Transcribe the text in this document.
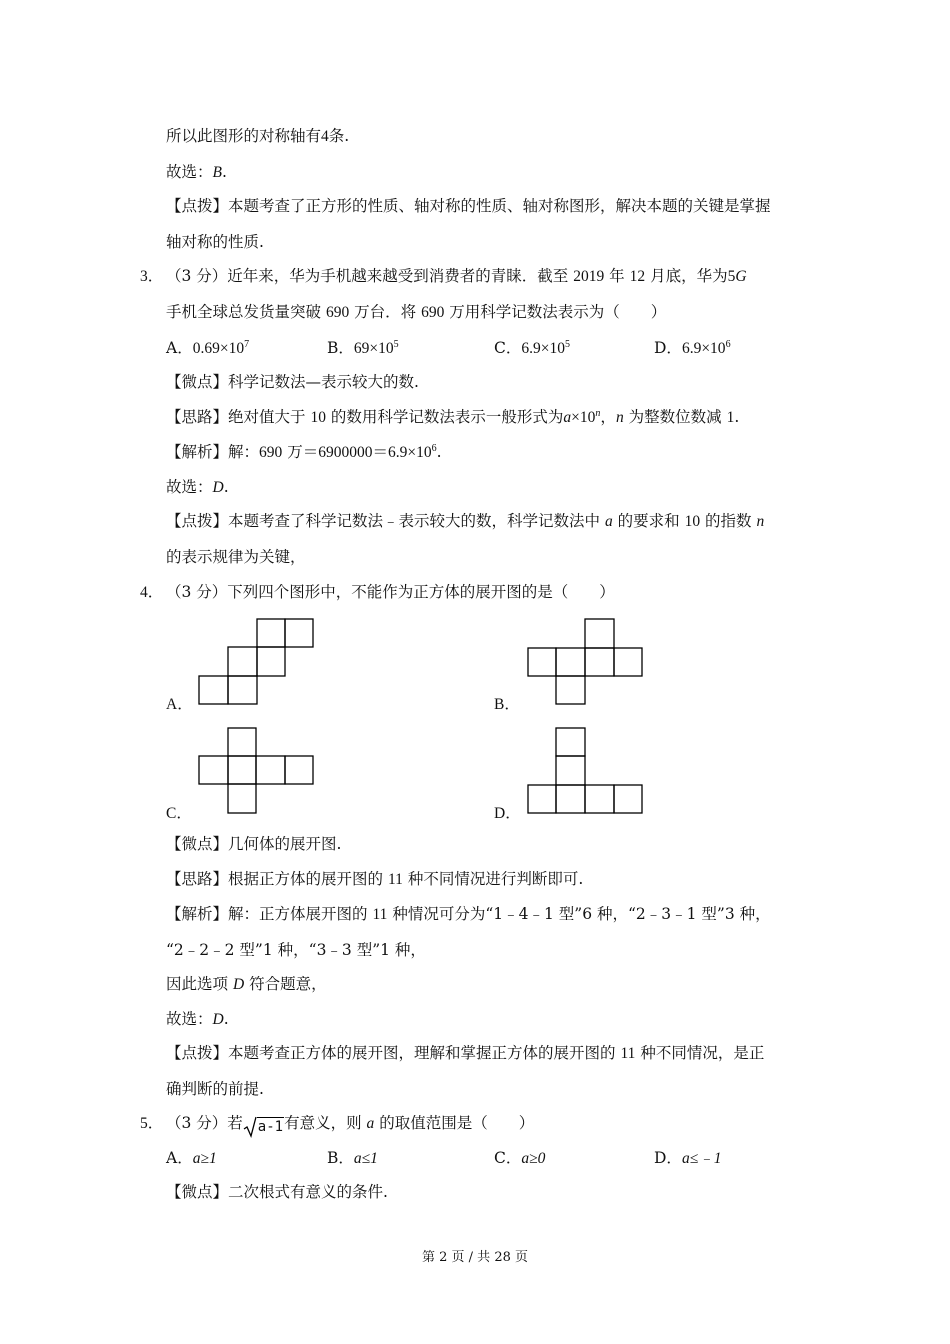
所以此图形的对称轴有4条.
故选：B.
【点拨】本题考查了正方形的性质、轴对称的性质、轴对称图形，解决本题的关键是掌握
轴对称的性质.
3． （3 分）近年来，华为手机越来越受到消费者的青睐．截至 2019 年 12 月底，华为5G
手机全球总发货量突破 690 万台．将 690 万用科学记数法表示为（　　）
A．$0.69\times 10^7$	B．$69\times 10^5$	C．$6.9\times 10^5$	D．$6.9\times 10^6$
【微点】科学记数法—表示较大的数.
【思路】绝对值大于 10 的数用科学记数法表示一般形式为$a\times 10^n$，n 为整数位数减 1.
【解析】解：690 万$=6900000=6.9\times 10^6$.
故选：D.
【点拨】本题考查了科学记数法﹣表示较大的数，科学记数法中 a 的要求和 10 的指数 n
的表示规律为关键，
4． （3 分）下列四个图形中，不能作为正方体的展开图的是（　　）
A．	B．
C．	D．
【微点】几何体的展开图.
【思路】根据正方体的展开图的 11 种不同情况进行判断即可.
【解析】解：正方体展开图的 11 种情况可分为“1﹣4﹣1 型”6 种，“2﹣3﹣1 型”3 种，
“2﹣2﹣2 型”1 种，“3﹣3 型”1 种，
因此选项 D 符合题意，
故选：D.
【点拨】本题考查正方体的展开图，理解和掌握正方体的展开图的 11 种不同情况，是正
确判断的前提.
5． （3 分）若 a-1有意义，则 a 的取值范围是（　　）
A．a≥1	B．a≤1	C．a≥0	D．a≤﹣1
【微点】二次根式有意义的条件.
第 2 页 / 共 28 页
